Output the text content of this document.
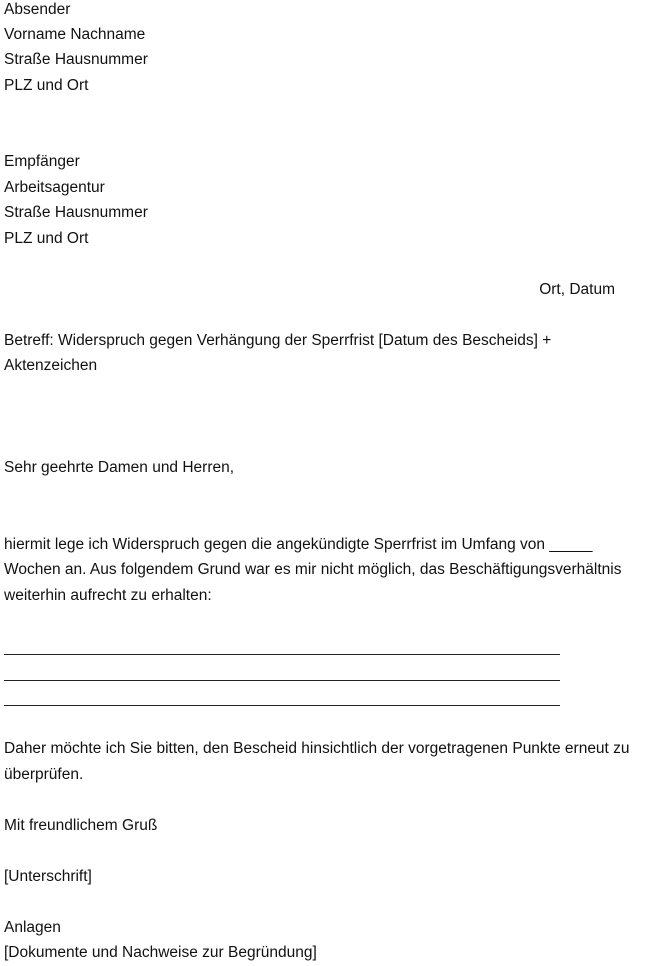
Absender
Vorname Nachname
Straße Hausnummer
PLZ und Ort
Empfänger
Arbeitsagentur
Straße Hausnummer
PLZ und Ort
Ort, Datum
Betreff: Widerspruch gegen Verhängung der Sperrfrist [Datum des Bescheids] +
Aktenzeichen
Sehr geehrte Damen und Herren,
hiermit lege ich Widerspruch gegen die angekündigte Sperrfrist im Umfang von _____
Wochen an. Aus folgendem Grund war es mir nicht möglich, das Beschäftigungsverhältnis
weiterhin aufrecht zu erhalten:
Daher möchte ich Sie bitten, den Bescheid hinsichtlich der vorgetragenen Punkte erneut zu
überprüfen.
Mit freundlichem Gruß
[Unterschrift]
Anlagen
[Dokumente und Nachweise zur Begründung]
